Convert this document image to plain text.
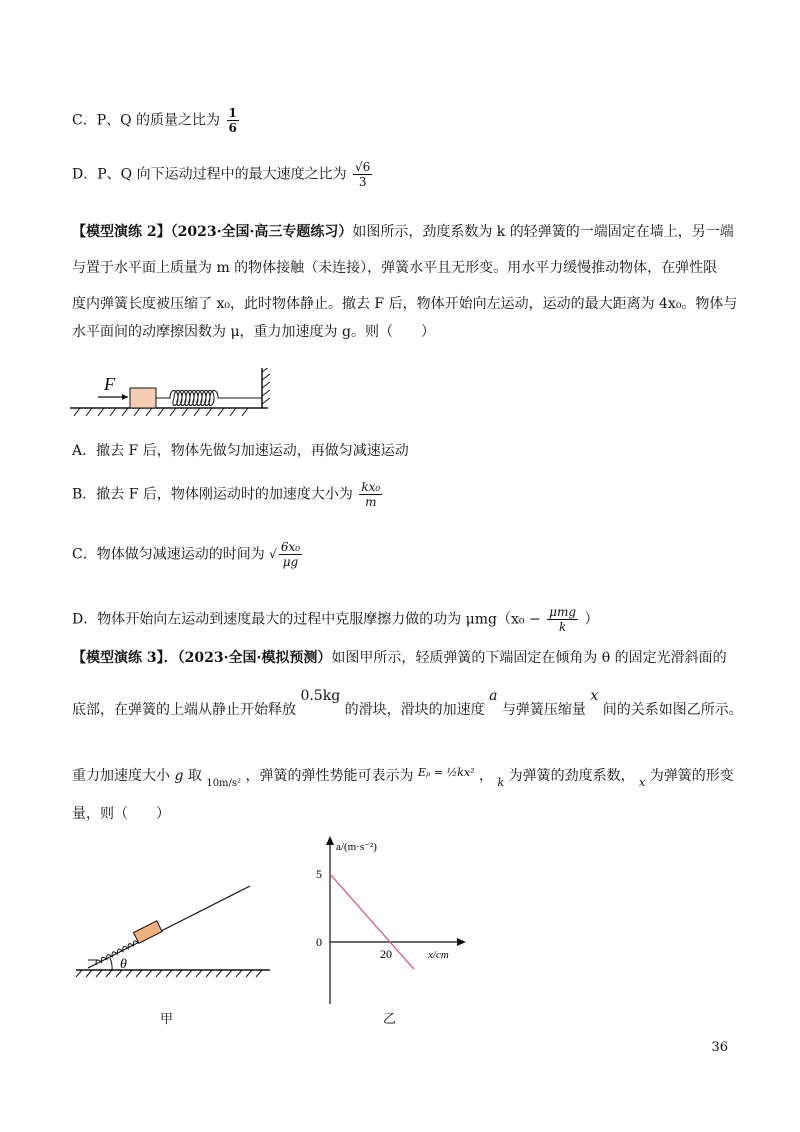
C．P、Q 的质量之比为 $\frac{1}{6}$
D．P、Q 向下运动过程中的最大速度之比为 $\frac{√6}{3}$
【模型演练 2】（2023·全国·高三专题练习）如图所示，劲度系数为 k 的轻弹簧的一端固定在墙上，另一端
与置于水平面上质量为 m 的物体接触（未连接），弹簧水平且无形变。用水平力缓慢推动物体，在弹性限
度内弹簧长度被压缩了 x₀，此时物体静止。撤去 F 后，物体开始向左运动，运动的最大距离为 4x₀。物体与
水平面间的动摩擦因数为 μ，重力加速度为 g。则（　　）
F
A．撤去 F 后，物体先做匀加速运动，再做匀减速运动
B．撤去 F 后，物体刚运动时的加速度大小为 $\frac{\text{kx₀}}{m}$
C．物体做匀减速运动的时间为 √ $\frac{\text{6x₀}}{\mu g}$
D．物体开始向左运动到速度最大的过程中克服摩擦力做的功为 $\mu mg(x_0 - \frac{\text{μmg}}{k}$ ）
【模型演练 3】．（2023·全国·模拟预测）如图甲所示，轻质弹簧的下端固定在倾角为 θ 的固定光滑斜面的
底部，在弹簧的上端从静止开始释放 0.5kg 的滑块，滑块的加速度 a 与弹簧压缩量 x 间的关系如图乙所示。
重力加速度大小 g 取 $_{10m/s^2}$ ，弹簧的弹性势能可表示为 $^{E_p = \frac{1}{2}kx^2}$ ， $_k$ 为弹簧的劲度系数， $_x$ 为弹簧的形变
量，则（　　）
θ
甲
a/(m·s⁻²)
5
0
20	x/cm
乙
36
